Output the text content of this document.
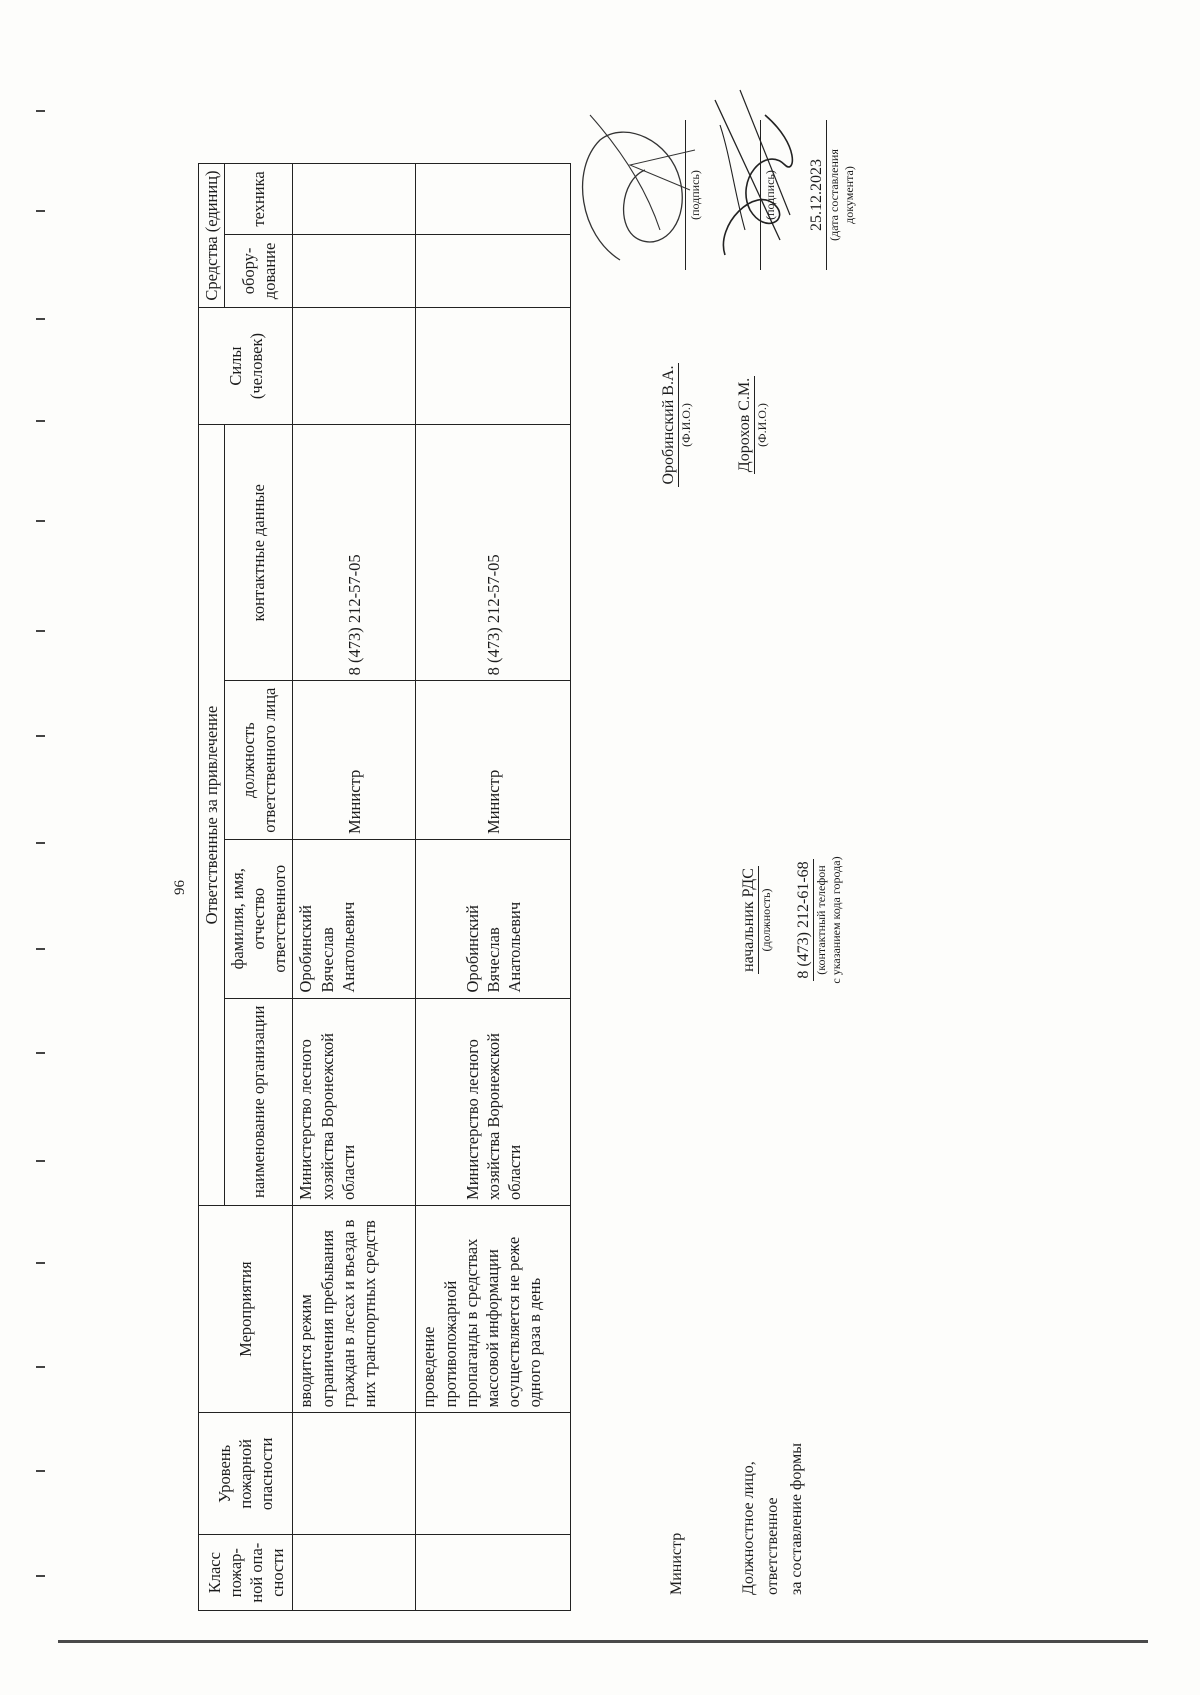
96
Класс пожар-ной опа-сности	Уровень пожарной опасности	Мероприятия	Ответственные за привлечение				Силы (человек)	Средства (единиц)	
			наименование организации	фамилия, имя, отчество ответственного	должность ответственного лица	контактные данные		обору-дование	техника

		вводится режим ограничения пребывания граждан в лесах и въезда в них транспортных средств	Министерство лесного хозяйства Воронежской области	Оробинский Вячеслав Анатольевич	Министр	8 (473) 212-57-05			
		проведение противопожарной пропаганды в средствах массовой информации осуществляется не реже одного раза в день	Министерство лесного хозяйства Воронежской области	Оробинский Вячеслав Анатольевич	Министр	8 (473) 212-57-05			
Министр	Должностное лицо, ответственное за составление формы
начальник РДС (должность) 8 (473) 212-61-68 (контактный телефон с указанием кода города)
Оробинский В.А. (Ф.И.О.)	Дорохов С.М. (Ф.И.О.)
(подпись)	(подпись) 25.12.2023 (дата составления документа)
